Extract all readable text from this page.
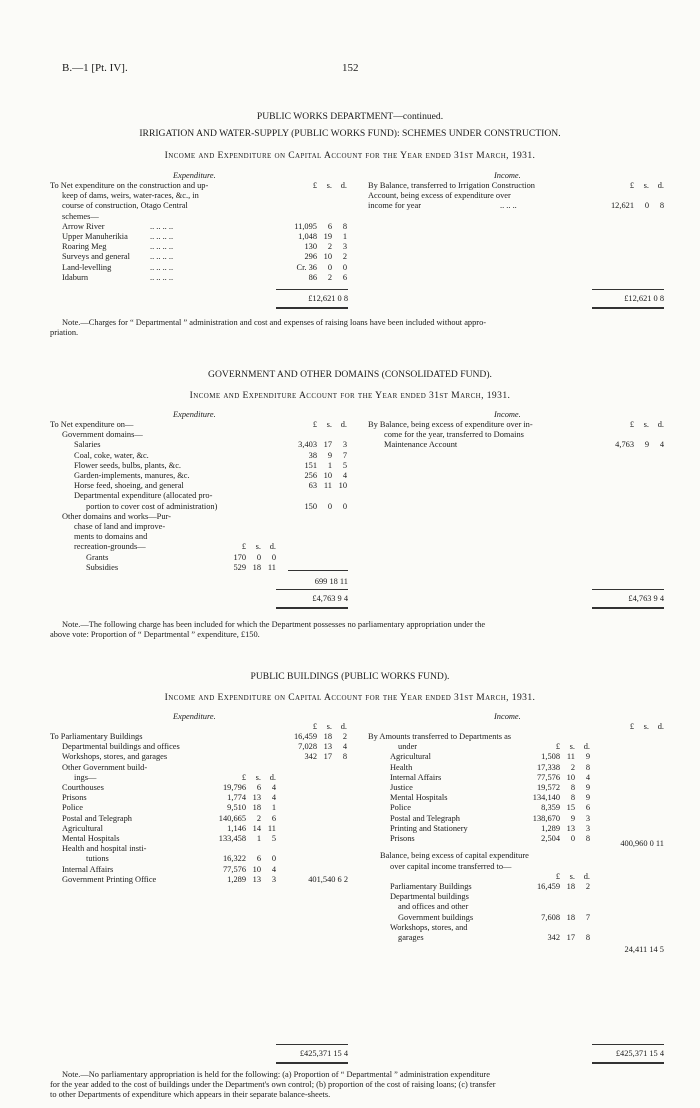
B.—1 [Pt. IV].	152
PUBLIC WORKS DEPARTMENT—continued.
IRRIGATION AND WATER-SUPPLY (PUBLIC WORKS FUND): SCHEMES UNDER CONSTRUCTION.
Income and Expenditure on Capital Account for the Year ended 31st March, 1931.
Expenditure.	Income.
£ s. d.
To Net expenditure on the construction and up-
keep of dams, weirs, water-races, &c., in
course of construction, Otago Central
schemes—
Arrow River	.. .. .. ..	11,095 6 8
Upper Manuherikia	.. .. .. ..	1,048 19 1
Roaring Meg	.. .. .. ..	130 2 3
Surveys and general .. .. .. ..	296 10 2
Land-levelling	.. .. .. ..	Cr. 36 0 0
Idaburn	.. .. .. ..	86 2 6
£ s. d.
By Balance, transferred to Irrigation Construction
Account, being excess of expenditure over
income for year	.. .. ..	12,621 0 8
£12,621 0 8	£12,621 0 8
Note.—Charges for “ Departmental ” administration and cost and expenses of raising loans have been included without appro-
priation.
GOVERNMENT AND OTHER DOMAINS (CONSOLIDATED FUND).
Income and Expenditure Account for the Year ended 31st March, 1931.
Expenditure.	Income.
£ s. d.
To Net expenditure on—
Government domains—
Salaries	3,403 17 3
Coal, coke, water, &c.	38 9 7
Flower seeds, bulbs, plants, &c.	151 1 5
Garden-implements, manures, &c.	256 10 4
Horse feed, shoeing, and general	63 11 10
Departmental expenditure (allocated pro-
portion to cover cost of administration)	150 0 0
Other domains and works—Pur-
chase of land and improve-
ments to domains and
recreation-grounds—	£ s. d.
Grants	170 0 0
Subsidies	529 18 11
£ s. d.
By Balance, being excess of expenditure over in-
come for the year, transferred to Domains
Maintenance Account	4,763 9 4
699 18 11
£4,763 9 4	£4,763 9 4
Note.—The following charge has been included for which the Department possesses no parliamentary appropriation under the
above vote: Proportion of “ Departmental ” expenditure, £150.
PUBLIC BUILDINGS (PUBLIC WORKS FUND).
Income and Expenditure on Capital Account for the Year ended 31st March, 1931.
Expenditure.	Income.
£ s. d.
To Parliamentary Buildings	16,459 18 2
Departmental buildings and offices	7,028 13 4
Workshops, stores, and garages	342 17 8
Other Government build-
ings—	£ s. d.
Courthouses	19,796 6 4
Prisons	1,774 13 4
Police	9,510 18 1
Postal and Telegraph	140,665 2 6
Agricultural	1,146 14 11
Mental Hospitals	133,458 1 5
Health and hospital insti-
tutions	16,322 6 0
Internal Affairs	77,576 10 4
Government Printing Office	1,289 13 3	401,540 6 2
£ s. d.
By Amounts transferred to Departments as
under	£ s. d.
Agricultural	1,508 11 9
Health	17,338 2 8
Internal Affairs	77,576 10 4
Justice	19,572 8 9
Mental Hospitals	134,140 8 9
Police	8,359 15 6
Postal and Telegraph	138,670 9 3
Printing and Stationery	1,289 13 3
Prisons	2,504 0 8
400,960 0 11
Balance, being excess of capital expenditure
over capital income transferred to—
£ s. d.
Parliamentary Buildings	16,459 18 2
Departmental buildings
and offices and other
Government buildings	7,608 18 7
Workshops, stores, and
garages	342 17 8
24,411 14 5
£425,371 15 4	£425,371 15 4
Note.—No parliamentary appropriation is held for the following: (a) Proportion of “ Departmental ” administration expenditure
for the year added to the cost of buildings under the Department's own control; (b) proportion of the cost of raising loans; (c) transfer
to other Departments of expenditure which appears in their separate balance-sheets.
